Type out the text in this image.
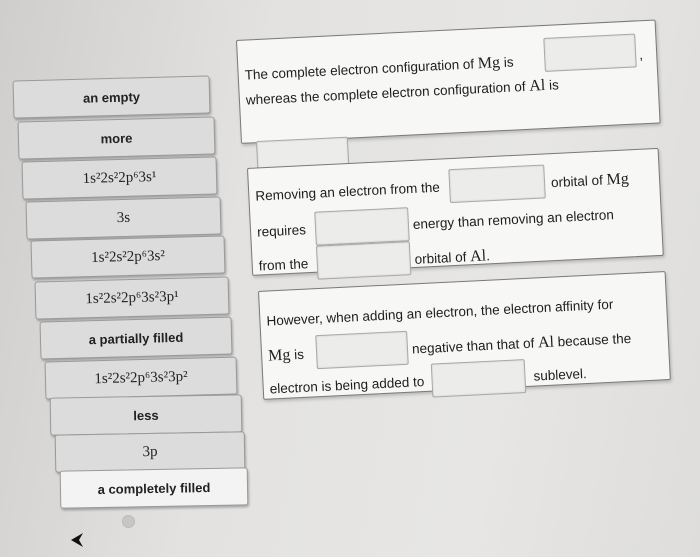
an empty
more
1s²2s²2p⁶3s¹
3s
1s²2s²2p⁶3s²
1s²2s²2p⁶3s²3p¹
a partially filled
1s²2s²2p⁶3s²3p²
less
3p
a completely filled
The complete electron configuration of Mg is	,
whereas the complete electron configuration of Al is
Removing an electron from the	orbital of Mg
requires	energy than removing an electron
from the	orbital of Al.
However, when adding an electron, the electron affinity for
Mg is	negative than that of Al because the
electron is being added to	sublevel.
